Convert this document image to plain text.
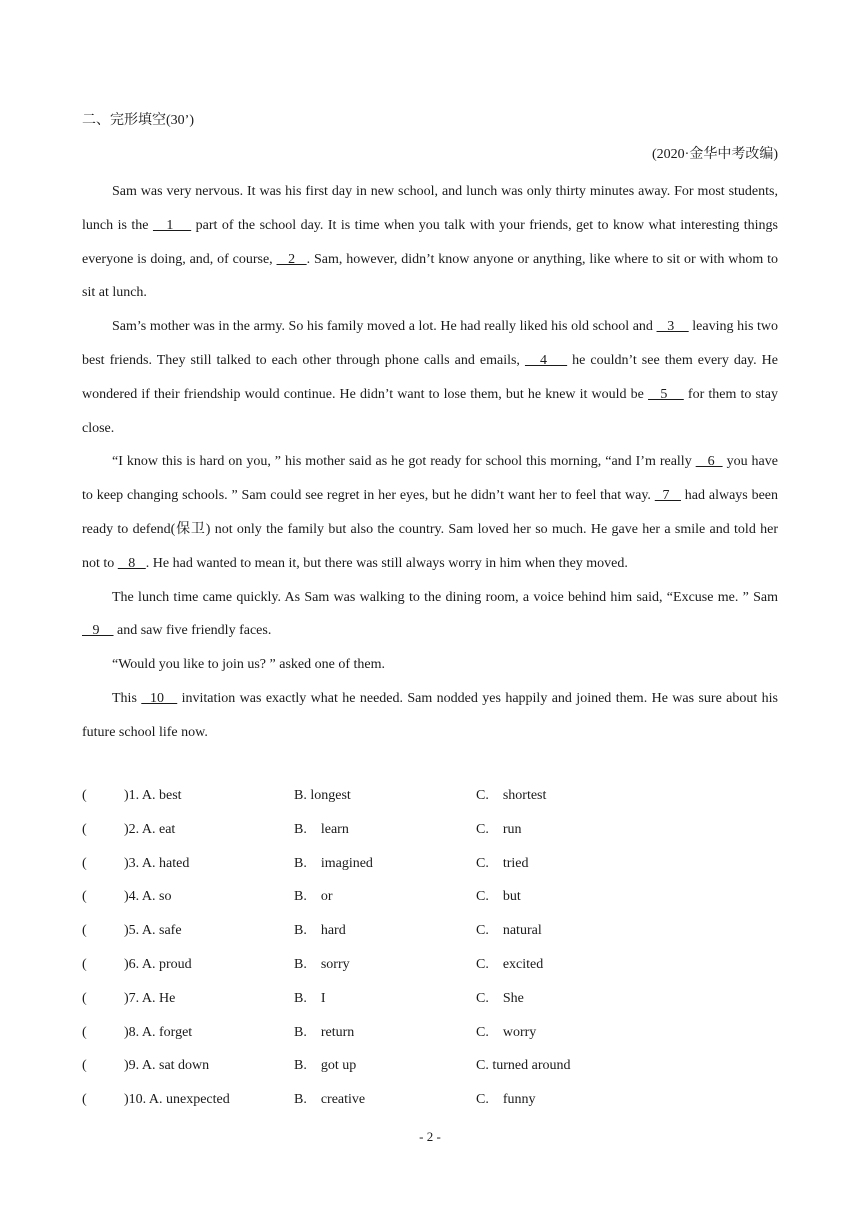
二、完形填空(30’)
(2020·金华中考改编)

Sam was very nervous. It was his first day in new school, and lunch was only thirty minutes away. For most students, lunch is the    1     part of the school day. It is time when you talk with your friends, get to know what interesting things everyone is doing, and, of course,    2   . Sam, however, didn’t know anyone or anything, like where to sit or with whom to sit at lunch.

Sam’s mother was in the army. So his family moved a lot. He had really liked his old school and    3     leaving his two best friends. They still talked to each other through phone calls and emails,    4     he couldn’t see them every day. He wondered if their friendship would continue. He didn’t want to lose them, but he knew it would be    5     for them to stay close.

“I know this is hard on you, ” his mother said as he got ready for school this morning, “and I’m really    6   you have to keep changing schools. ” Sam could see regret in her eyes, but he didn’t want her to feel that way.   7    had always been ready to defend(保卫) not only the family but also the country. Sam loved her so much. He gave her a smile and told her not to    8   . He had wanted to mean it, but there was still always worry in him when they moved.

The lunch time came quickly. As Sam was walking to the dining room, a voice behind him said, “Excuse me. ” Sam    9     and saw five friendly faces.

“Would you like to join us? ” asked one of them.

This   10    invitation was exactly what he needed. Sam nodded yes happily and joined them. He was sure about his future school life now.

(	)1. A. best	B. longest	C.    shortest
(	)2. A. eat	B.    learn	C.    run
(	)3. A. hated	B.    imagined	C.    tried
(	)4. A. so	B.    or	C.    but
(	)5. A. safe	B.    hard	C.    natural
(	)6. A. proud	B.    sorry	C.    excited
(	)7. A. He	B.    I	C.    She
(	)8. A. forget	B.    return	C.    worry
(	)9. A. sat down	B.    got up	C. turned around
(	)10. A. unexpected	B.    creative	C.    funny
- 2 -
